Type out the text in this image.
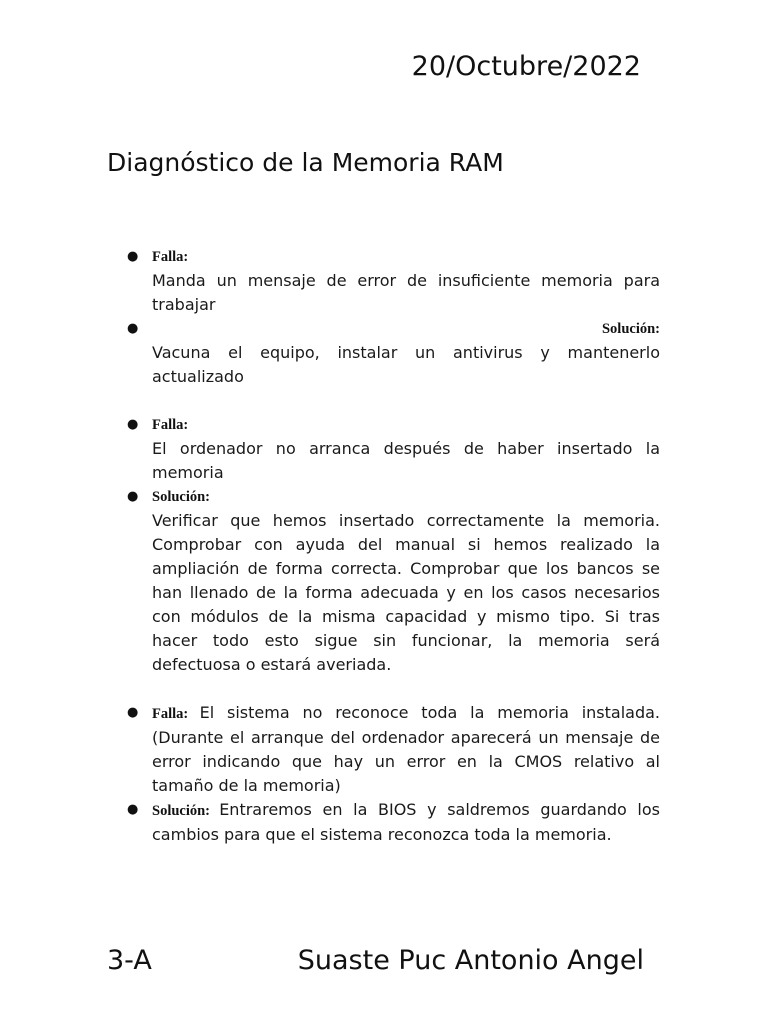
20/Octubre/2022
Diagnóstico de la Memoria RAM
● Falla:
Manda un mensaje de error de insuficiente memoria para trabajar
●	Solución:
Vacuna el equipo, instalar un antivirus y mantenerlo actualizado
● Falla:
El ordenador no arranca después de haber insertado la memoria
● Solución:
Verificar que hemos insertado correctamente la memoria. Comprobar con ayuda del manual si hemos realizado la ampliación de forma correcta. Comprobar que los bancos se han llenado de la forma adecuada y en los casos necesarios con módulos de la misma capacidad y mismo tipo. Si tras hacer todo esto sigue sin funcionar, la memoria será defectuosa o estará averiada.
● Falla: El sistema no reconoce toda la memoria instalada. (Durante el arranque del ordenador aparecerá un mensaje de error indicando que hay un error en la CMOS relativo al tamaño de la memoria)
● Solución: Entraremos en la BIOS y saldremos guardando los cambios para que el sistema reconozca toda la memoria.
3-A	Suaste Puc Antonio Angel
